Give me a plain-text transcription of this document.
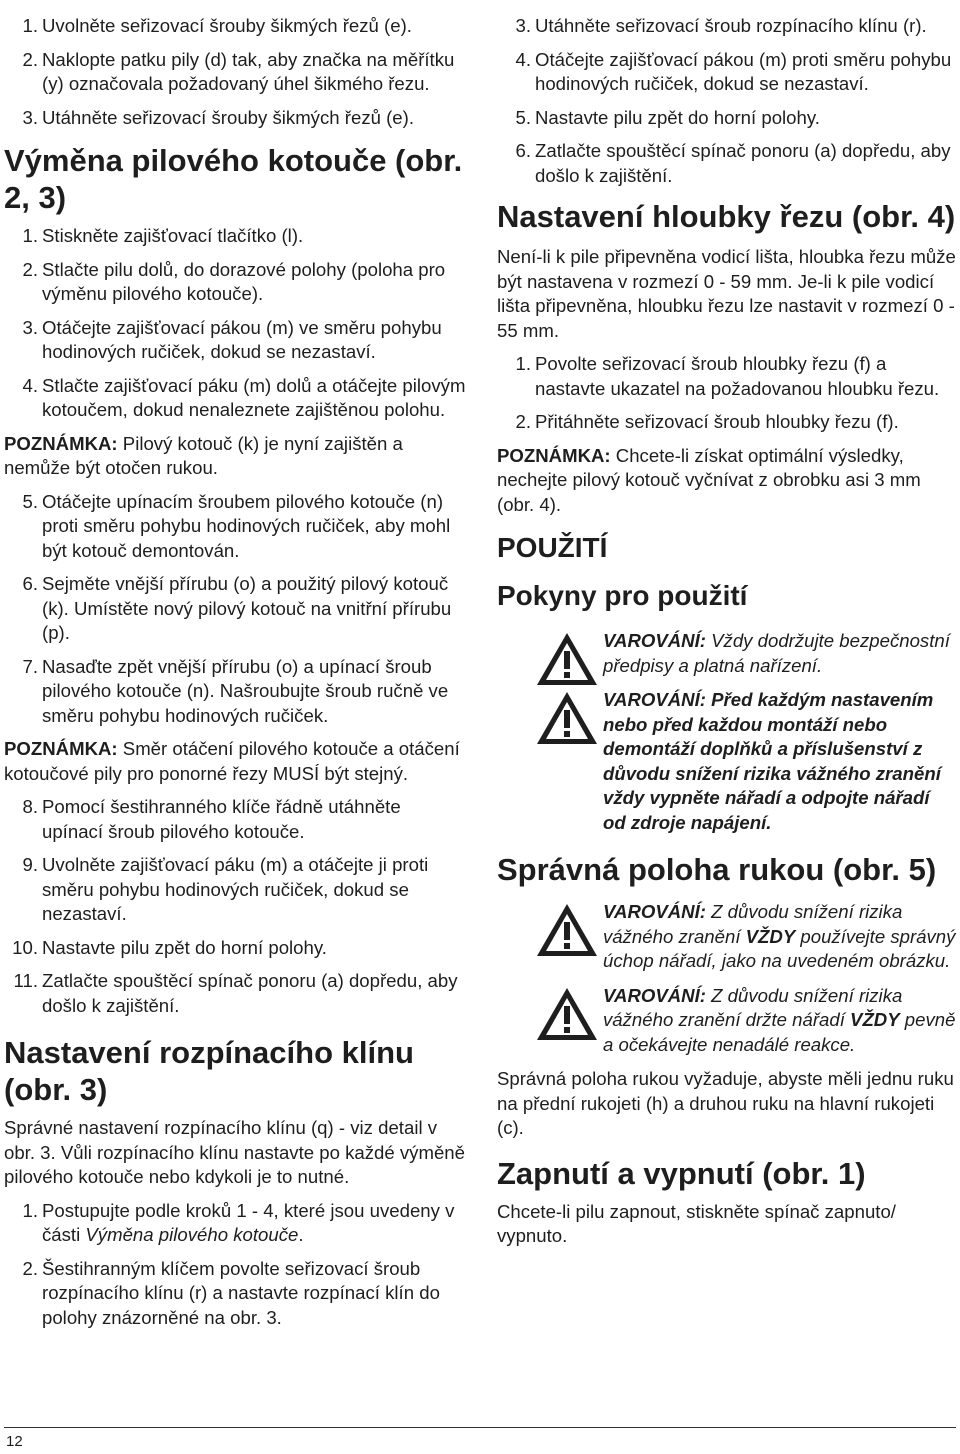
1. Uvolněte seřizovací šrouby šikmých řezů (e).
2. Naklopte patku pily (d) tak, aby značka na měřítku (y) označovala požadovaný úhel šikmého řezu.
3. Utáhněte seřizovací šrouby šikmých řezů (e).
Výměna pilového kotouče (obr. 2, 3)
1. Stiskněte zajišťovací tlačítko (l).
2. Stlačte pilu dolů, do dorazové polohy (poloha pro výměnu pilového kotouče).
3. Otáčejte zajišťovací pákou (m) ve směru pohybu hodinových ručiček, dokud se nezastaví.
4. Stlačte zajišťovací páku (m) dolů a otáčejte pilovým kotoučem, dokud nenaleznete zajištěnou polohu.

POZNÁMKA: Pilový kotouč (k) je nyní zajištěn a nemůže být otočen rukou.

5. Otáčejte upínacím šroubem pilového kotouče (n) proti směru pohybu hodinových ručiček, aby mohl být kotouč demontován.
6. Sejměte vnější přírubu (o) a použitý pilový kotouč (k). Umístěte nový pilový kotouč na vnitřní přírubu (p).
7. Nasaďte zpět vnější přírubu (o) a upínací šroub pilového kotouče (n). Našroubujte šroub ručně ve směru pohybu hodinových ručiček.

POZNÁMKA: Směr otáčení pilového kotouče a otáčení kotoučové pily pro ponorné řezy MUSÍ být stejný.

8. Pomocí šestihranného klíče řádně utáhněte upínací šroub pilového kotouče.
9. Uvolněte zajišťovací páku (m) a otáčejte ji proti směru pohybu hodinových ručiček, dokud se nezastaví.
10. Nastavte pilu zpět do horní polohy.
11. Zatlačte spouštěcí spínač ponoru (a) dopředu, aby došlo k zajištění.
Nastavení rozpínacího klínu (obr. 3)

Správné nastavení rozpínacího klínu (q) - viz detail v obr. 3. Vůli rozpínacího klínu nastavte po každé výměně pilového kotouče nebo kdykoli je to nutné.

1. Postupujte podle kroků 1 - 4, které jsou uvedeny v části Výměna pilového kotouče.
2. Šestihranným klíčem povolte seřizovací šroub rozpínacího klínu (r) a nastavte rozpínací klín do polohy znázorněné na obr. 3.
3. Utáhněte seřizovací šroub rozpínacího klínu (r).
4. Otáčejte zajišťovací pákou (m) proti směru pohybu hodinových ručiček, dokud se nezastaví.
5. Nastavte pilu zpět do horní polohy.
6. Zatlačte spouštěcí spínač ponoru (a) dopředu, aby došlo k zajištění.
Nastavení hloubky řezu (obr. 4)

Není-li k pile připevněna vodicí lišta, hloubka řezu může být nastavena v rozmezí 0 - 59 mm. Je-li k pile vodicí lišta připevněna, hloubku řezu lze nastavit v rozmezí 0 - 55 mm.

1. Povolte seřizovací šroub hloubky řezu (f) a nastavte ukazatel na požadovanou hloubku řezu.
2. Přitáhněte seřizovací šroub hloubky řezu (f).

POZNÁMKA: Chcete-li získat optimální výsledky, nechejte pilový kotouč vyčnívat z obrobku asi 3 mm (obr. 4).

POUŽITÍ
Pokyny pro použití
VAROVÁNÍ: Vždy dodržujte bezpečnostní předpisy a platná nařízení.
VAROVÁNÍ: Před každým nastavením nebo před každou montáží nebo demontáží doplňků a příslušenství z důvodu snížení rizika vážného zranění vždy vypněte nářadí a odpojte nářadí od zdroje napájení.
Správná poloha rukou (obr. 5)
VAROVÁNÍ: Z důvodu snížení rizika vážného zranění VŽDY používejte správný úchop nářadí, jako na uvedeném obrázku.
VAROVÁNÍ: Z důvodu snížení rizika vážného zranění držte nářadí VŽDY pevně a očekávejte nenadálé reakce.

Správná poloha rukou vyžaduje, abyste měli jednu ruku na přední rukojeti (h) a druhou ruku na hlavní rukojeti (c).

Zapnutí a vypnutí (obr. 1)

Chcete-li pilu zapnout, stiskněte spínač zapnuto/ vypnuto.

12
